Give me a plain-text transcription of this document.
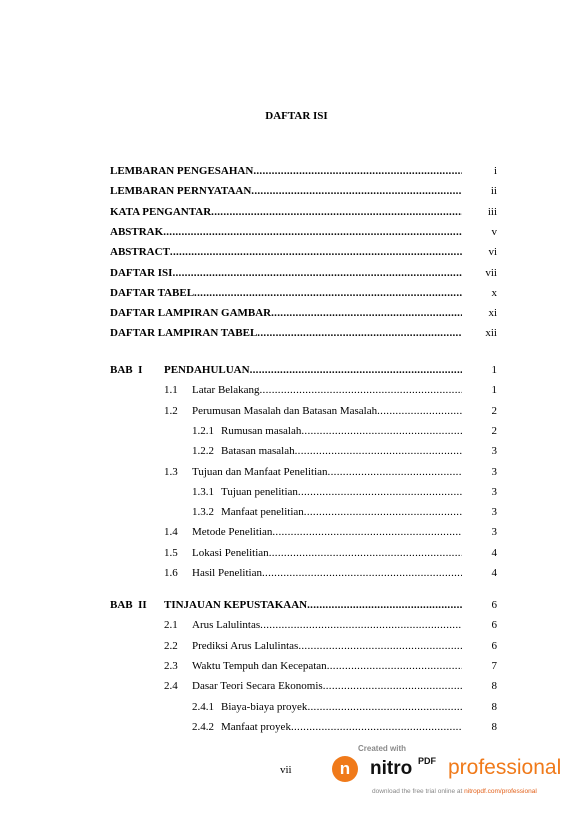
DAFTAR ISI
LEMBARAN PENGESAHAN .....	i
LEMBARAN PERNYATAAN .....	ii
KATA PENGANTAR .....	iii
ABSTRAK .....	v
ABSTRACT .....	vi
DAFTAR ISI .....	vii
DAFTAR TABEL .....	x
DAFTAR LAMPIRAN GAMBAR .....	xi
DAFTAR LAMPIRAN TABEL .....	xii
BAB  I PENDAHULUAN .....	1
1.1 Latar Belakang .....	1
1.2 Perumusan Masalah dan Batasan Masalah .....	2
1.2.1 Rumusan masalah .....	2
1.2.2 Batasan masalah .....	3
1.3 Tujuan dan Manfaat Penelitian .....	3
1.3.1 Tujuan penelitian .....	3
1.3.2 Manfaat penelitian .....	3
1.4 Metode Penelitian .....	3
1.5 Lokasi Penelitian .....	4
1.6 Hasil Penelitian .....	4
BAB  II TINJAUAN KEPUSTAKAAN .....	6
2.1 Arus Lalulintas .....	6
2.2 Prediksi Arus Lalulintas .....	6
2.3 Waktu Tempuh dan Kecepatan .....	7
2.4 Dasar Teori Secara Ekonomis .....	8
2.4.1 Biaya-biaya proyek .....	8
2.4.2 Manfaat proyek .....	8
vii
Created with
n	nitro PDF professional
download the free trial online at nitropdf.com/professional
